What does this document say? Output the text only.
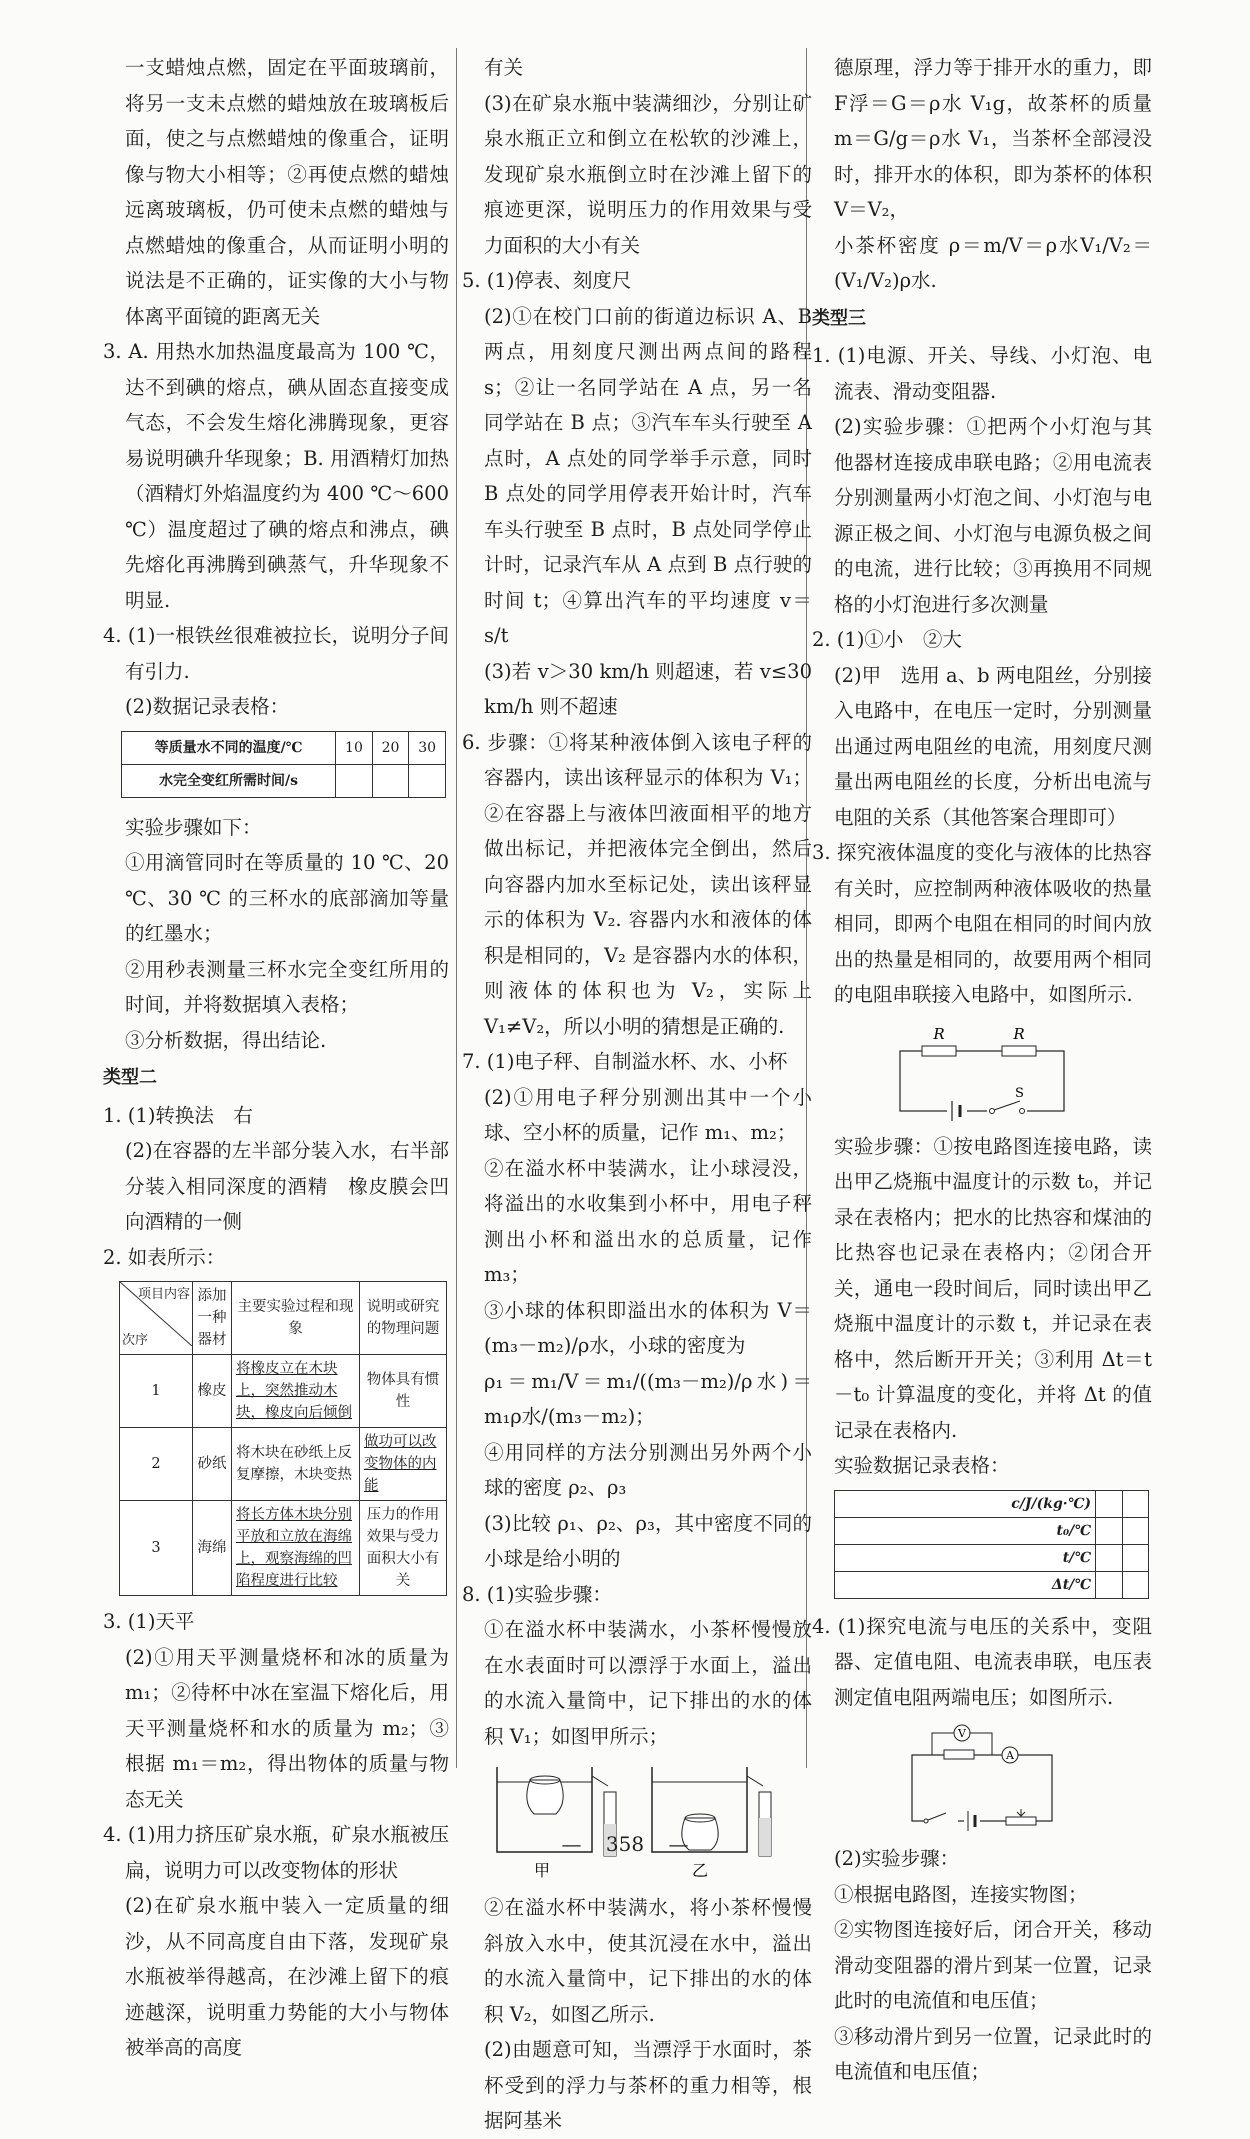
一支蜡烛点燃，固定在平面玻璃前，将另一支未点燃的蜡烛放在玻璃板后面，使之与点燃蜡烛的像重合，证明像与物大小相等；②再使点燃的蜡烛远离玻璃板，仍可使未点燃的蜡烛与点燃蜡烛的像重合，从而证明小明的说法是不正确的，证实像的大小与物体离平面镜的距离无关

3. A. 用热水加热温度最高为 100 ℃，达不到碘的熔点，碘从固态直接变成气态，不会发生熔化沸腾现象，更容易说明碘升华现象；B. 用酒精灯加热（酒精灯外焰温度约为 400 ℃～600 ℃）温度超过了碘的熔点和沸点，碘先熔化再沸腾到碘蒸气，升华现象不明显.

4. (1)一根铁丝很难被拉长，说明分子间有引力.

(2)数据记录表格：

等质量水不同的温度/℃	10	20	30
水完全变红所需时间/s			

实验步骤如下：

①用滴管同时在等质量的 10 ℃、20 ℃、30 ℃ 的三杯水的底部滴加等量的红墨水；

②用秒表测量三杯水完全变红所用的时间，并将数据填入表格；

③分析数据，得出结论.

类型二

1. (1)转换法　右

(2)在容器的左半部分装入水，右半部分装入相同深度的酒精　橡皮膜会凹向酒精的一侧

2. 如表所示：

项目内容
次序	添加一种器材	主要实验过程和现象	说明或研究的物理问题
1	橡皮	将橡皮立在木块上，突然推动木块，橡皮向后倾倒	物体具有惯性
2	砂纸	将木块在砂纸上反复摩擦，木块变热	做功可以改变物体的内能
3	海绵	将长方体木块分别平放和立放在海绵上，观察海绵的凹陷程度进行比较	压力的作用效果与受力面积大小有关

3. (1)天平

(2)①用天平测量烧杯和冰的质量为 m₁；②待杯中冰在室温下熔化后，用天平测量烧杯和水的质量为 m₂；③根据 m₁＝m₂，得出物体的质量与物态无关

4. (1)用力挤压矿泉水瓶，矿泉水瓶被压扁，说明力可以改变物体的形状

(2)在矿泉水瓶中装入一定质量的细沙，从不同高度自由下落，发现矿泉水瓶被举得越高，在沙滩上留下的痕迹越深，说明重力势能的大小与物体被举高的高度

有关

(3)在矿泉水瓶中装满细沙，分别让矿泉水瓶正立和倒立在松软的沙滩上，发现矿泉水瓶倒立时在沙滩上留下的痕迹更深，说明压力的作用效果与受力面积的大小有关

5. (1)停表、刻度尺

(2)①在校门口前的街道边标识 A、B 两点，用刻度尺测出两点间的路程 s；②让一名同学站在 A 点，另一名同学站在 B 点；③汽车车头行驶至 A 点时，A 点处的同学举手示意，同时 B 点处的同学用停表开始计时，汽车车头行驶至 B 点时，B 点处同学停止计时，记录汽车从 A 点到 B 点行驶的时间 t；④算出汽车的平均速度 v＝s/t

(3)若 v＞30 km/h 则超速，若 v≤30 km/h 则不超速

6. 步骤：①将某种液体倒入该电子秤的容器内，读出该秤显示的体积为 V₁；②在容器上与液体凹液面相平的地方做出标记，并把液体完全倒出，然后向容器内加水至标记处，读出该秤显示的体积为 V₂. 容器内水和液体的体积是相同的，V₂ 是容器内水的体积，则液体的体积也为 V₂，实际上 V₁≠V₂，所以小明的猜想是正确的.

7. (1)电子秤、自制溢水杯、水、小杯

(2)①用电子秤分别测出其中一个小球、空小杯的质量，记作 m₁、m₂；

②在溢水杯中装满水，让小球浸没，将溢出的水收集到小杯中，用电子秤测出小杯和溢出水的总质量，记作 m₃；

③小球的体积即溢出水的体积为 V＝(m₃－m₂)/ρ水，小球的密度为

ρ₁＝m₁/V＝m₁/((m₃－m₂)/ρ水)＝m₁ρ水/(m₃－m₂)；

④用同样的方法分别测出另外两个小球的密度 ρ₂、ρ₃

(3)比较 ρ₁、ρ₂、ρ₃，其中密度不同的小球是给小明的

8. (1)实验步骤：

①在溢水杯中装满水，小茶杯慢慢放在水表面时可以漂浮于水面上，溢出的水流入量筒中，记下排出的水的体积 V₁；如图甲所示；

甲	乙

②在溢水杯中装满水，将小茶杯慢慢斜放入水中，使其沉浸在水中，溢出的水流入量筒中，记下排出的水的体积 V₂，如图乙所示.

(2)由题意可知，当漂浮于水面时，茶杯受到的浮力与茶杯的重力相等，根据阿基米

德原理，浮力等于排开水的重力，即 F浮＝G＝ρ水 V₁g，故茶杯的质量 m＝G/g＝ρ水 V₁，当茶杯全部浸没时，排开水的体积，即为茶杯的体积 V＝V₂，

小茶杯密度 ρ＝m/V＝ρ水V₁/V₂＝(V₁/V₂)ρ水.

类型三

1. (1)电源、开关、导线、小灯泡、电流表、滑动变阻器.

(2)实验步骤：①把两个小灯泡与其他器材连接成串联电路；②用电流表分别测量两小灯泡之间、小灯泡与电源正极之间、小灯泡与电源负极之间的电流，进行比较；③再换用不同规格的小灯泡进行多次测量

2. (1)①小　②大

(2)甲　选用 a、b 两电阻丝，分别接入电路中，在电压一定时，分别测量出通过两电阻丝的电流，用刻度尺测量出两电阻丝的长度，分析出电流与电阻的关系（其他答案合理即可）

3. 探究液体温度的变化与液体的比热容有关时，应控制两种液体吸收的热量相同，即两个电阻在相同的时间内放出的热量是相同的，故要用两个相同的电阻串联接入电路中，如图所示.

R	R
S

实验步骤：①按电路图连接电路，读出甲乙烧瓶中温度计的示数 t₀，并记录在表格内；把水的比热容和煤油的比热容也记录在表格内；②闭合开关，通电一段时间后，同时读出甲乙烧瓶中温度计的示数 t，并记录在表格中，然后断开开关；③利用 Δt＝t－t₀ 计算温度的变化，并将 Δt 的值记录在表格内.

实验数据记录表格：

c/J/(kg·℃)		
t₀/℃		
t/℃		
Δt/℃		

4. (1)探究电流与电压的关系中，变阻器、定值电阻、电流表串联，电压表测定值电阻两端电压；如图所示.

V
A

(2)实验步骤：

①根据电路图，连接实物图；

②实物图连接好后，闭合开关，移动滑动变阻器的滑片到某一位置，记录此时的电流值和电压值；

③移动滑片到另一位置，记录此时的电流值和电压值；

— 358 —
